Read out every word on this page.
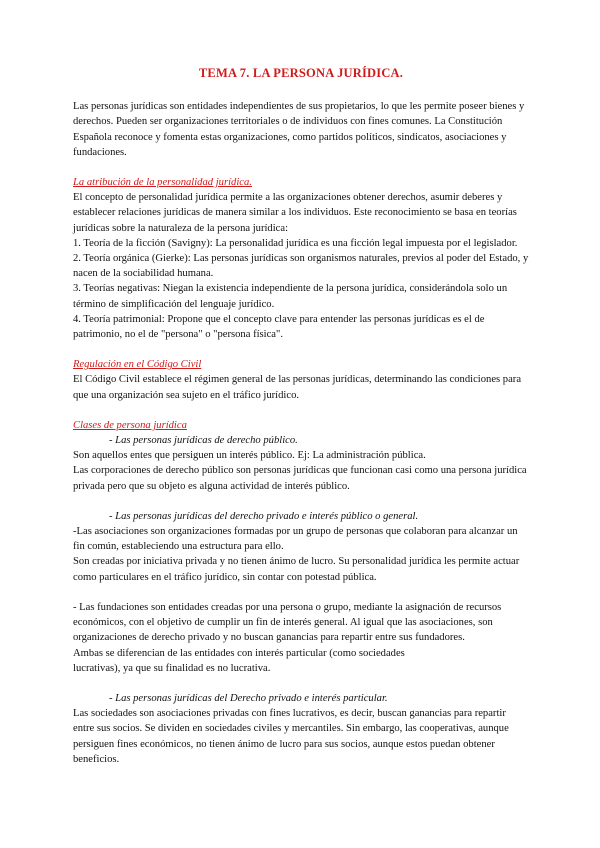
TEMA 7. LA PERSONA JURÍDICA.

Las personas jurídicas son entidades independientes de sus propietarios, lo que les permite poseer bienes y derechos. Pueden ser organizaciones territoriales o de individuos con fines comunes. La Constitución Española reconoce y fomenta estas organizaciones, como partidos políticos, sindicatos, asociaciones y fundaciones.

La atribución de la personalidad jurídica.

El concepto de personalidad jurídica permite a las organizaciones obtener derechos, asumir deberes y establecer relaciones jurídicas de manera similar a los individuos. Este reconocimiento se basa en teorías jurídicas sobre la naturaleza de la persona jurídica:

1. Teoría de la ficción (Savigny): La personalidad jurídica es una ficción legal impuesta por el legislador.

2. Teoría orgánica (Gierke): Las personas jurídicas son organismos naturales, previos al poder del Estado, y nacen de la sociabilidad humana.

3. Teorías negativas: Niegan la existencia independiente de la persona jurídica, considerándola solo un término de simplificación del lenguaje jurídico.

4. Teoría patrimonial: Propone que el concepto clave para entender las personas jurídicas es el de patrimonio, no el de "persona" o "persona física".

Regulación en el Código Civil

El Código Civil establece el régimen general de las personas jurídicas, determinando las condiciones para que una organización sea sujeto en el tráfico jurídico.

Clases de persona jurídica

- Las personas jurídicas de derecho público.

Son aquellos entes que persiguen un interés público. Ej: La administración pública.

Las corporaciones de derecho público son personas jurídicas que funcionan casi como una persona jurídica privada pero que su objeto es alguna actividad de interés público.

- Las personas jurídicas del derecho privado e interés público o general.

-Las asociaciones son organizaciones formadas por un grupo de personas que colaboran para alcanzar un fin común, estableciendo una estructura para ello.

Son creadas por iniciativa privada y no tienen ánimo de lucro. Su personalidad jurídica les permite actuar como particulares en el tráfico jurídico, sin contar con potestad pública.

- Las fundaciones son entidades creadas por una persona o grupo, mediante la asignación de recursos económicos, con el objetivo de cumplir un fin de interés general. Al igual que las asociaciones, son organizaciones de derecho privado y no buscan ganancias para repartir entre sus fundadores.

Ambas se diferencian de las entidades con interés particular (como sociedades

lucrativas), ya que su finalidad es no lucrativa.

- Las personas jurídicas del Derecho privado e interés particular.

Las sociedades son asociaciones privadas con fines lucrativos, es decir, buscan ganancias para repartir entre sus socios. Se dividen en sociedades civiles y mercantiles. Sin embargo, las cooperativas, aunque persiguen fines económicos, no tienen ánimo de lucro para sus socios, aunque estos puedan obtener beneficios.
